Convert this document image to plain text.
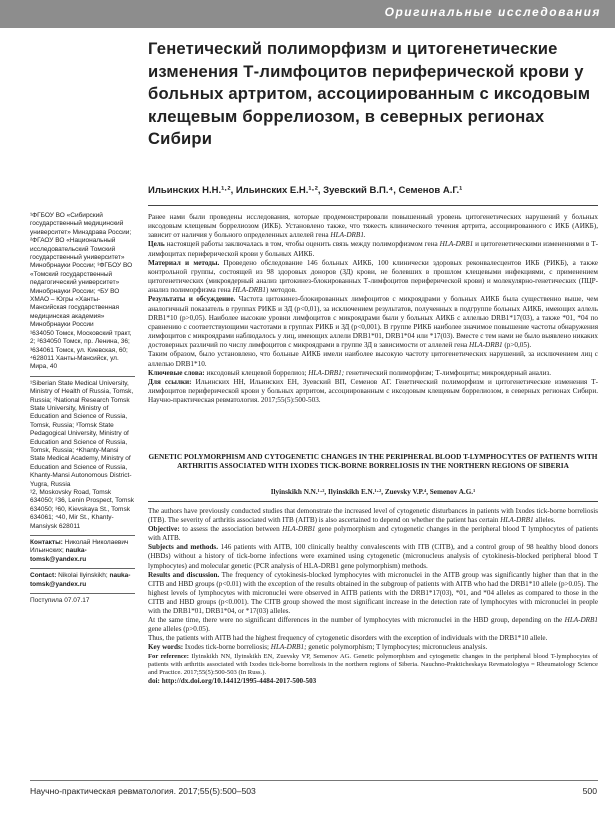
Оригинальные исследования
Генетический полиморфизм и цитогенетические изменения Т-лимфоцитов периферической крови у больных артритом, ассоциированным с иксодовым клещевым боррелиозом, в северных регионах Сибири
Ильинских Н.Н.¹·², Ильинских Е.Н.¹·², Зуевский В.П.⁴, Семенов А.Г.¹

¹ФГБОУ ВО «Сибирский государственный медицинский университет» Минздрава России; ²ФГАОУ ВО «Национальный исследовательский Томский государственный университет» Минобрнауки России; ³ФГБОУ ВО «Томский государственный педагогический университет» Минобрнауки России; ⁴БУ ВО ХМАО – Югры «Ханты-Мансийская государственная медицинская академия» Минобрнауки России

¹634050 Томск, Московский тракт, 2; ²634050 Томск, пр. Ленина, 36; ³634061 Томск, ул. Киевская, 60; ⁴628011 Ханты-Мансийск, ул. Мира, 40

¹Siberian State Medical University, Ministry of Health of Russia, Tomsk, Russia; ²National Research Tomsk State University, Ministry of Education and Science of Russia, Tomsk, Russia; ³Tomsk State Pedagogical University, Ministry of Education and Science of Russia, Tomsk, Russia; ⁴Khanty-Mansi State Medical Academy, Ministry of Education and Science of Russia, Khanty-Mansi Autonomous District-Yugra, Russia

¹2, Moskovsky Road, Tomsk 634050; ²36, Lenin Prospect, Tomsk 634050; ³60, Kievskaya St., Tomsk 634061; ⁴40, Mir St., Khanty-Mansiysk 628011

Контакты: Николай Николаевич Ильинских; nauka-tomsk@yandex.ru

Contact: Nikolai Ilyinskikh; nauka-tomsk@yandex.ru

Поступила 07.07.17

Ранее нами были проведены исследования, которые продемонстрировали повышенный уровень цитогенетических нарушений у больных иксодовым клещевым боррелиозом (ИКБ). Установлено также, что тяжесть клинического течения артрита, ассоциированного с ИКБ (АИКБ), зависит от наличия у больного определенных аллелей гена HLA-DRB1.

Цель настоящей работы заключалась в том, чтобы оценить связь между полиморфизмом гена HLA-DRB1 и цитогенетическими изменениями в Т-лимфоцитах периферической крови у больных АИКБ.

Материал и методы. Проведено обследование 146 больных АИКБ, 100 клинически здоровых реконвалесцентов ИКБ (РИКБ), а также контрольной группы, состоящей из 98 здоровых доноров (ЗД) крови, не болевших в прошлом клещевыми инфекциями, с применением цитогенетических (микроядерный анализ цитокинез-блокированных Т-лимфоцитов периферической крови) и молекулярно-генетических (ПЦР-анализ полиморфизма гена HLA-DRB1) методов.

Результаты и обсуждение. Частота цитокинез-блокированных лимфоцитов с микроядрами у больных АИКБ была существенно выше, чем аналогичный показатель в группах РИКБ и ЗД (p<0,01), за исключением результатов, полученных в подгруппе больных АИКБ, имеющих аллель DRB1*10 (p>0,05). Наиболее высокие уровни лимфоцитов с микроядрами были у больных АИКБ с аллелью DRB1*17(03), а также *01, *04 по сравнению с соответствующими частотами в группах РИКБ и ЗД (p<0,001). В группе РИКБ наиболее значимое повышение частоты обнаружения лимфоцитов с микроядрами наблюдалось у лиц, имеющих аллели DRB1*01, DRB1*04 или *17(03). Вместе с тем нами не было выявлено никаких достоверных различий по числу лимфоцитов с микроядрами в группе ЗД в зависимости от аллелей гена HLA-DRB1 (p>0,05).

Таким образом, было установлено, что больные АИКБ имели наиболее высокую частоту цитогенетических нарушений, за исключением лиц с аллелью DRB1*10.

Ключевые слова: иксодовый клещевой боррелиоз; HLA-DRB1; генетический полиморфизм; Т-лимфоциты; микроядерный анализ.

Для ссылки: Ильинских НН, Ильинских ЕН, Зуевский ВП, Семенов АГ. Генетический полиморфизм и цитогенетические изменения Т-лимфоцитов периферической крови у больных артритом, ассоциированным с иксодовым клещевым боррелиозом, в северных регионах Сибири. Научно-практическая ревматология. 2017;55(5):500-503.

GENETIC POLYMORPHISM AND CYTOGENETIC CHANGES IN THE PERIPHERAL BLOOD T-LYMPHOCYTES OF PATIENTS WITH ARTHRITIS ASSOCIATED WITH IXODES TICK-BORNE BORRELIOSIS IN THE NORTHERN REGIONS OF SIBERIA
Ilyinskikh N.N.¹·², Ilyinskikh E.N.¹·², Zuevsky V.P.⁴, Semenov A.G.¹

The authors have previously conducted studies that demonstrate the increased level of cytogenetic disturbances in patients with Ixodes tick-borne borreliosis (ITB). The severity of arthritis associated with ITB (AITB) is also ascertained to depend on whether the patient has certain HLA-DRB1 alleles.

Objective: to assess the association between HLA-DRB1 gene polymorphism and cytogenetic changes in the peripheral blood T lymphocytes of patients with AITB.

Subjects and methods. 146 patients with AITB, 100 clinically healthy convalescents with ITB (CITB), and a control group of 98 healthy blood donors (HBDs) without a history of tick-borne infections were examined using cytogenetic (micronucleus analysis of cytokinesis-blocked peripheral blood T lymphocytes) and molecular genetic (PCR analysis of HLA-DRB1 gene polymorphism) methods.

Results and discussion. The frequency of cytokinesis-blocked lymphocytes with micronuclei in the AITB group was significantly higher than that in the CITB and HBD groups (p<0.01) with the exception of the results obtained in the subgroup of patients with AITB who had the DRB1*10 allele (p>0.05). The highest levels of lymphocytes with micronuclei were observed in AITB patients with the DRB1*17(03), *01, and *04 alleles as compared to those in the CITB and HBD groups (p<0.001). The CITB group showed the most significant increase in the detection rate of lymphocytes with micronuclei in people with the DRB1*01, DRB1*04, or *17(03) alleles.

At the same time, there were no significant differences in the number of lymphocytes with micronuclei in the HBD group, depending on the HLA-DRB1 gene alleles (p>0.05).

Thus, the patients with AITB had the highest frequency of cytogenetic disorders with the exception of individuals with the DRB1*10 allele.

Key words: Ixodes tick-borne borreliosis; HLA-DRB1; genetic polymorphism; T lymphocytes; micronucleus analysis.

For reference: Ilyinskikh NN, Ilyinskikh EN, Zuevsky VP, Semenov AG. Genetic polymorphism and cytogenetic changes in the peripheral blood T-lymphocytes of patients with arthritis associated with Ixodes tick-borne borreliosis in the northern regions of Siberia. Nauchno-Prakticheskaya Revmatologiya = Rheumatology Science and Practice. 2017;55(5):500-503 (In Russ.).

doi: http://dx.doi.org/10.14412/1995-4484-2017-500-503

Научно-практическая ревматология. 2017;55(5):500–503	500
